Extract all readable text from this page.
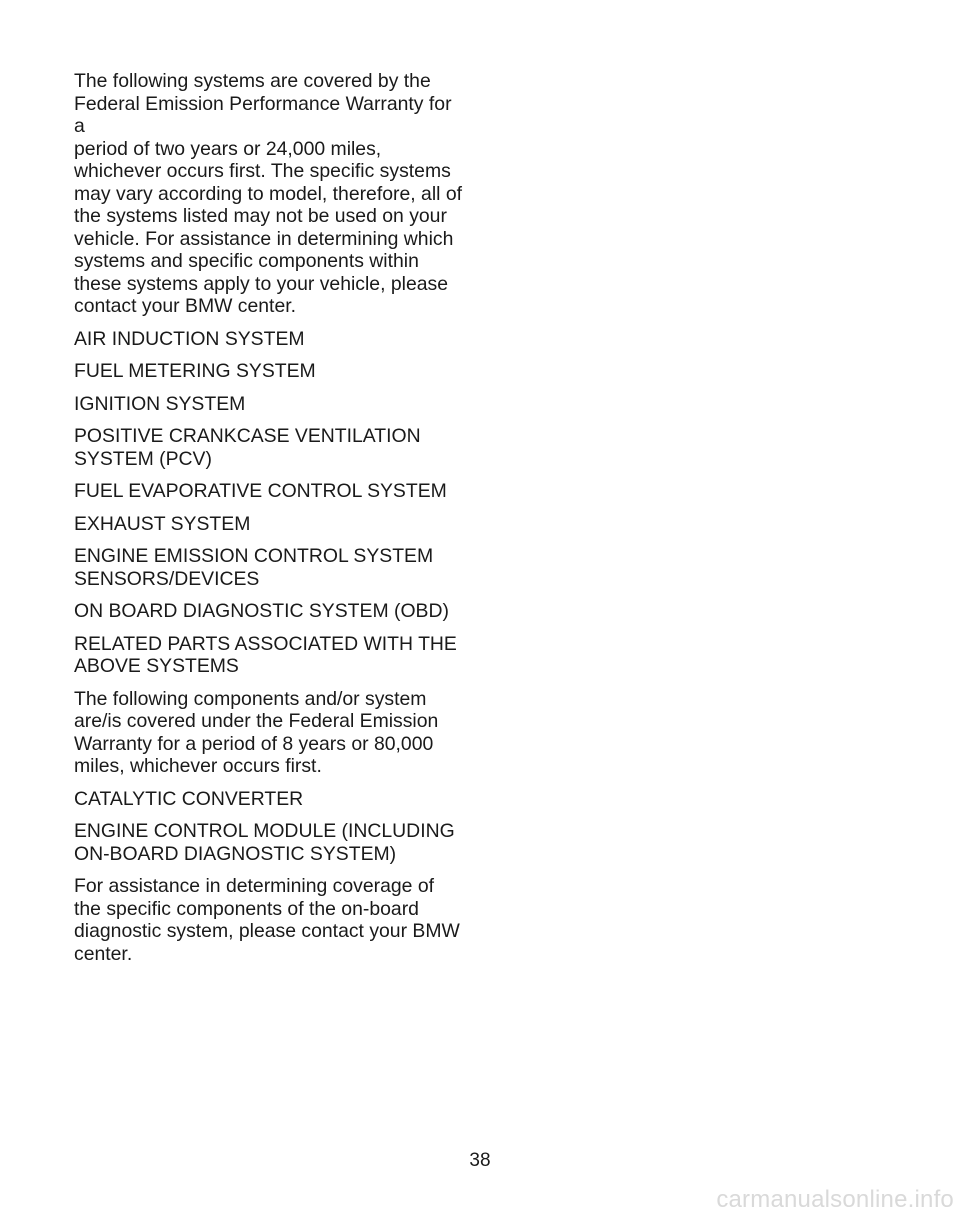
The following systems are covered by the
Federal Emission Performance Warranty for a
period of two years or 24,000 miles,
whichever occurs first. The specific systems
may vary according to model, therefore, all of
the systems listed may not be used on your
vehicle. For assistance in determining which
systems and specific components within
these systems apply to your vehicle, please
contact your BMW center.

AIR INDUCTION SYSTEM

FUEL METERING SYSTEM

IGNITION SYSTEM

POSITIVE CRANKCASE VENTILATION
SYSTEM (PCV)

FUEL EVAPORATIVE CONTROL SYSTEM

EXHAUST SYSTEM

ENGINE EMISSION CONTROL SYSTEM
SENSORS/DEVICES

ON BOARD DIAGNOSTIC SYSTEM (OBD)

RELATED PARTS ASSOCIATED WITH THE
ABOVE SYSTEMS

The following components and/or system
are/is covered under the Federal Emission
Warranty for a period of 8 years or 80,000
miles, whichever occurs first.

CATALYTIC CONVERTER

ENGINE CONTROL MODULE (INCLUDING
ON-BOARD DIAGNOSTIC SYSTEM)

For assistance in determining coverage of
the specific components of the on-board
diagnostic system, please contact your BMW
center.

38
carmanualsonline.info
